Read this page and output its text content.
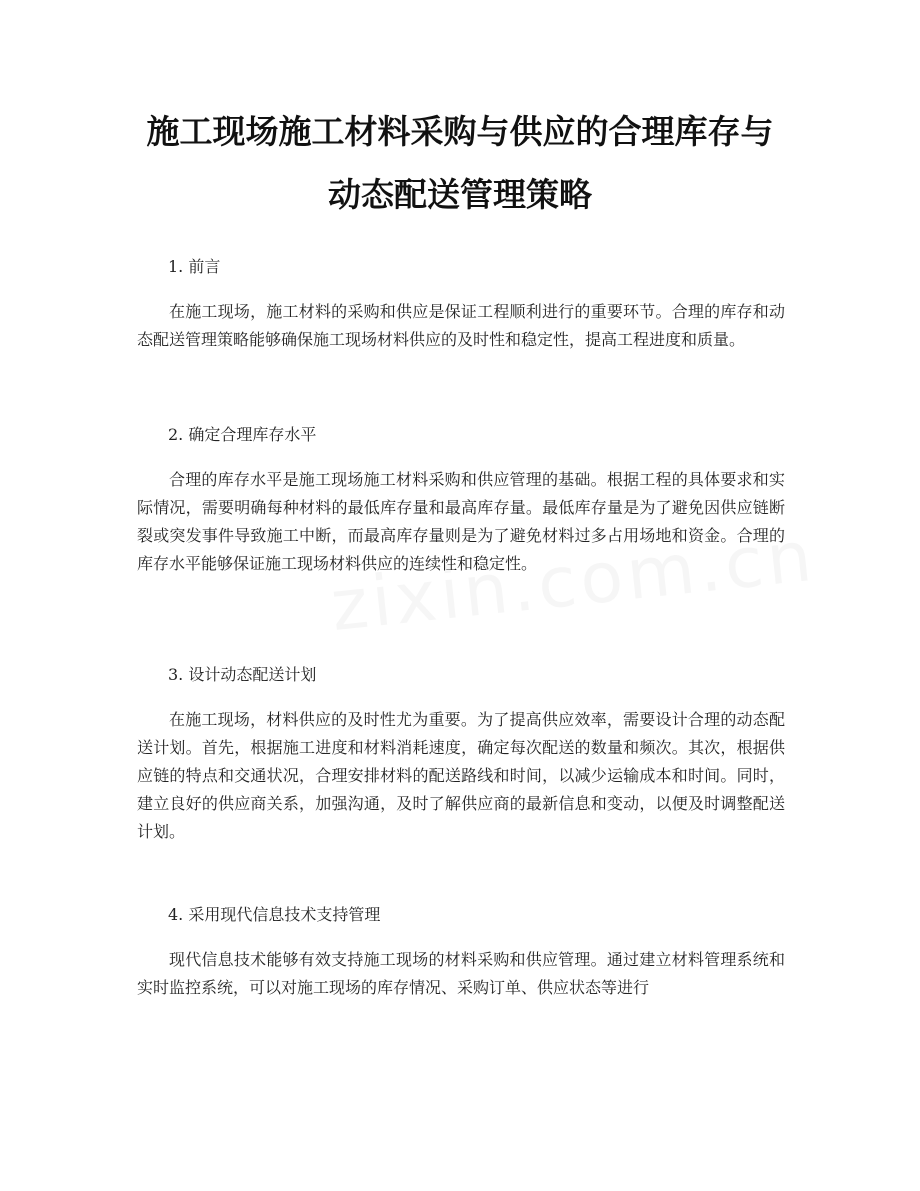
施工现场施工材料采购与供应的合理库存与
动态配送管理策略

1. 前言

在施工现场，施工材料的采购和供应是保证工程顺利进行的重要环节。合理的库存和动态配送管理策略能够确保施工现场材料供应的及时性和稳定性，提高工程进度和质量。

2. 确定合理库存水平

合理的库存水平是施工现场施工材料采购和供应管理的基础。根据工程的具体要求和实际情况，需要明确每种材料的最低库存量和最高库存量。最低库存量是为了避免因供应链断裂或突发事件导致施工中断，而最高库存量则是为了避免材料过多占用场地和资金。合理的库存水平能够保证施工现场材料供应的连续性和稳定性。

3. 设计动态配送计划

在施工现场，材料供应的及时性尤为重要。为了提高供应效率，需要设计合理的动态配送计划。首先，根据施工进度和材料消耗速度，确定每次配送的数量和频次。其次，根据供应链的特点和交通状况，合理安排材料的配送路线和时间，以减少运输成本和时间。同时，建立良好的供应商关系，加强沟通，及时了解供应商的最新信息和变动，以便及时调整配送计划。

4. 采用现代信息技术支持管理

现代信息技术能够有效支持施工现场的材料采购和供应管理。通过建立材料管理系统和实时监控系统，可以对施工现场的库存情况、采购订单、供应状态等进行
